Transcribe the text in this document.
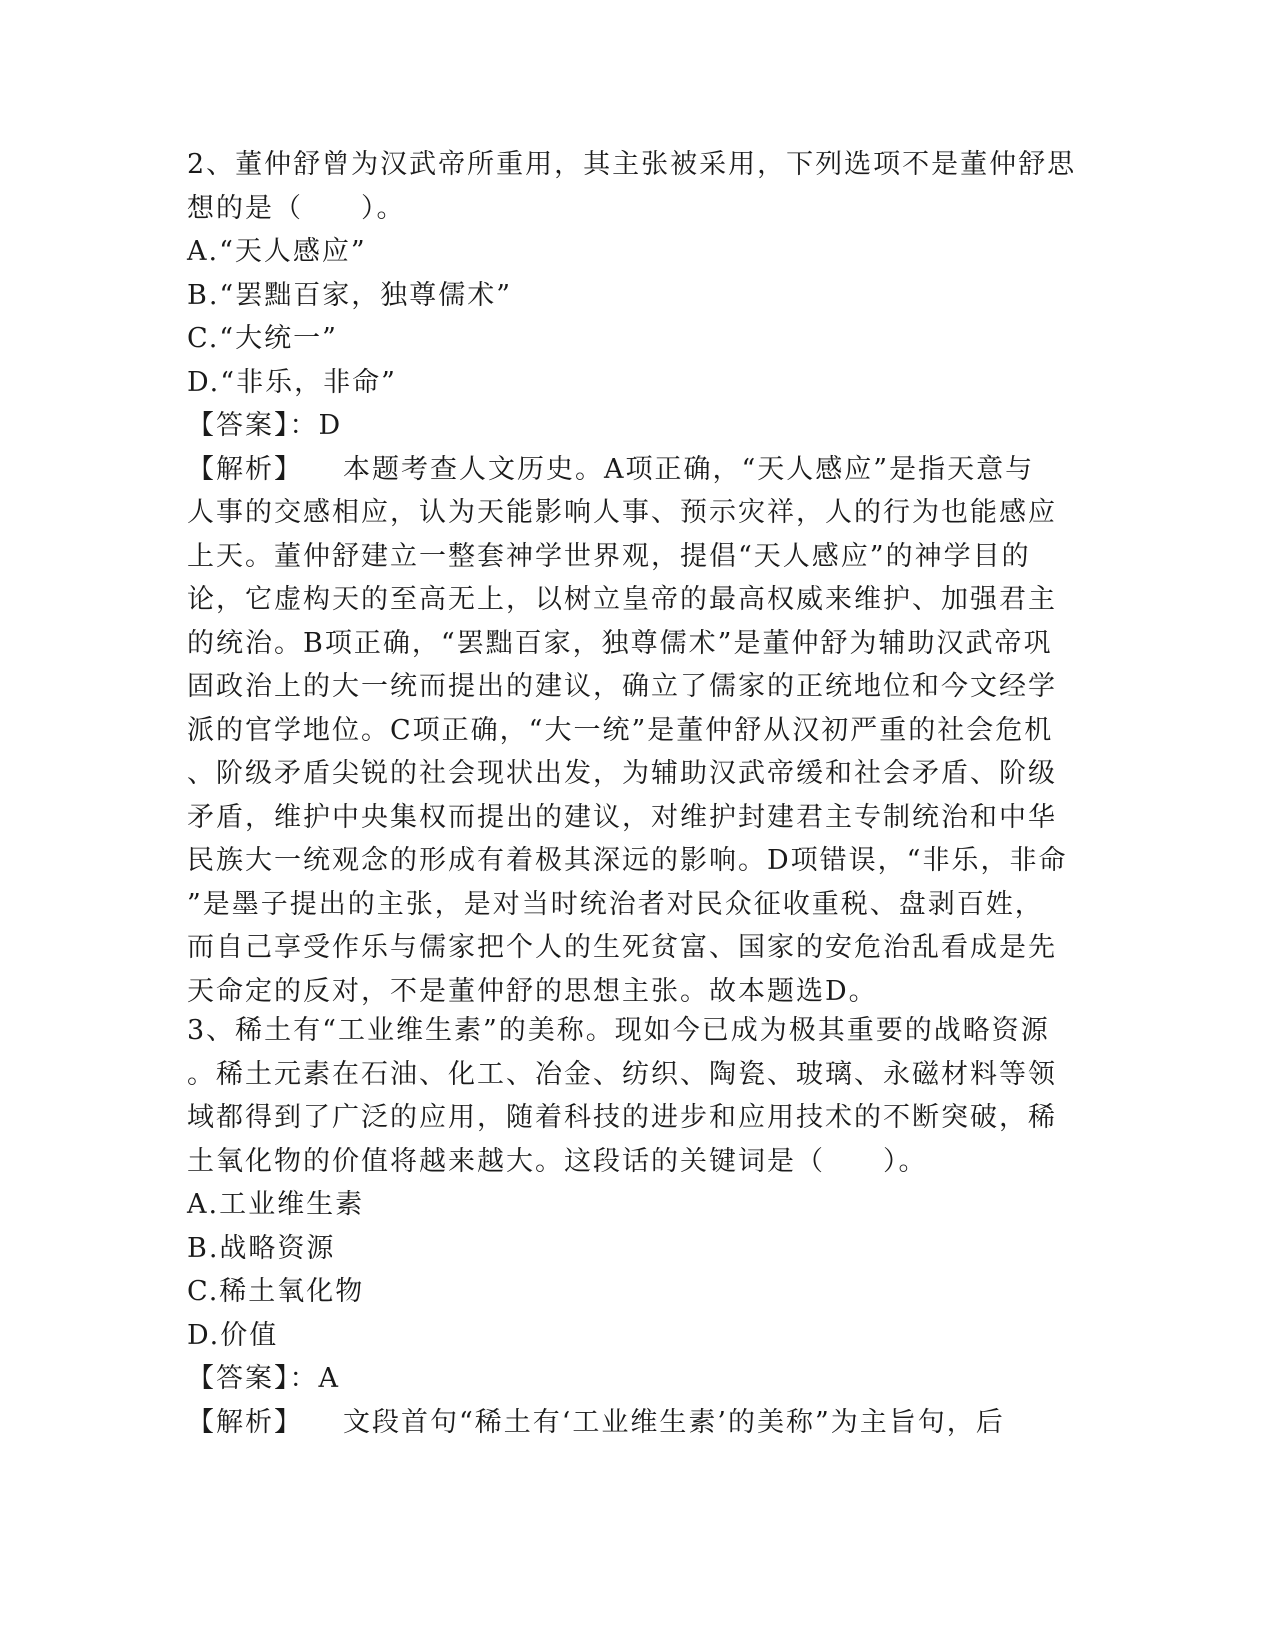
2、董仲舒曾为汉武帝所重用，其主张被采用，下列选项不是董仲舒思

想的是（　　）。

A.“天人感应”

B.“罢黜百家，独尊儒术”

C.“大统一”

D.“非乐，非命”

【答案】：D

【解析】 本题考查人文历史。A项正确，“天人感应”是指天意与

人事的交感相应，认为天能影响人事、预示灾祥，人的行为也能感应

上天。董仲舒建立一整套神学世界观，提倡“天人感应”的神学目的

论，它虚构天的至高无上，以树立皇帝的最高权威来维护、加强君主

的统治。B项正确，“罢黜百家，独尊儒术”是董仲舒为辅助汉武帝巩

固政治上的大一统而提出的建议，确立了儒家的正统地位和今文经学

派的官学地位。C项正确，“大一统”是董仲舒从汉初严重的社会危机

、阶级矛盾尖锐的社会现状出发，为辅助汉武帝缓和社会矛盾、阶级

矛盾，维护中央集权而提出的建议，对维护封建君主专制统治和中华

民族大一统观念的形成有着极其深远的影响。D项错误，“非乐，非命

”是墨子提出的主张，是对当时统治者对民众征收重税、盘剥百姓，

而自己享受作乐与儒家把个人的生死贫富、国家的安危治乱看成是先

天命定的反对，不是董仲舒的思想主张。故本题选D。

3、稀土有“工业维生素”的美称。现如今已成为极其重要的战略资源

。稀土元素在石油、化工、冶金、纺织、陶瓷、玻璃、永磁材料等领

域都得到了广泛的应用，随着科技的进步和应用技术的不断突破，稀

土氧化物的价值将越来越大。这段话的关键词是（　　）。

A.工业维生素

B.战略资源

C.稀土氧化物

D.价值

【答案】：A

【解析】 文段首句“稀土有‘工业维生素’的美称”为主旨句，后
